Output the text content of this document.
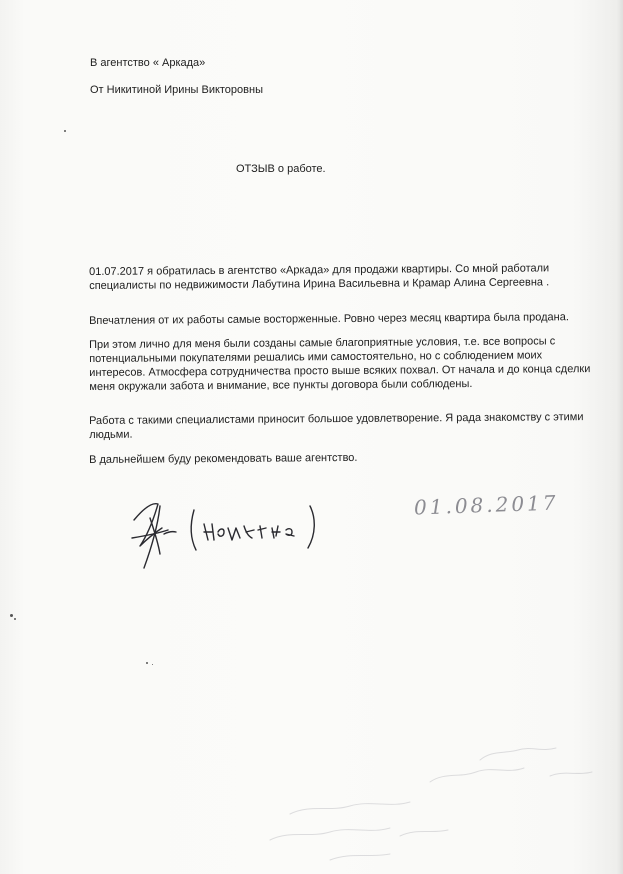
В агентство « Аркада»
От Никитиной Ирины Викторовны
ОТЗЫВ о работе.
01.07.2017 я обратилась в агентство «Аркада» для продажи квартиры. Со мной работали
специалисты по недвижимости Лабутина Ирина Васильевна и Крамар Алина Сергеевна .
Впечатления от их работы самые восторженные. Ровно через месяц квартира была продана.
При этом лично для меня были созданы самые благоприятные условия, т.е. все вопросы с
потенциальными покупателями решались ими самостоятельно, но с соблюдением моих
интересов. Атмосфера сотрудничества просто выше всяких похвал. От начала и до конца сделки
меня окружали забота и внимание, все пункты договора были соблюдены.
Работа с такими специалистами приносит большое удовлетворение. Я рада знакомству с этими
людьми.
В дальнейшем буду рекомендовать ваше агентство.
01.08.2017
